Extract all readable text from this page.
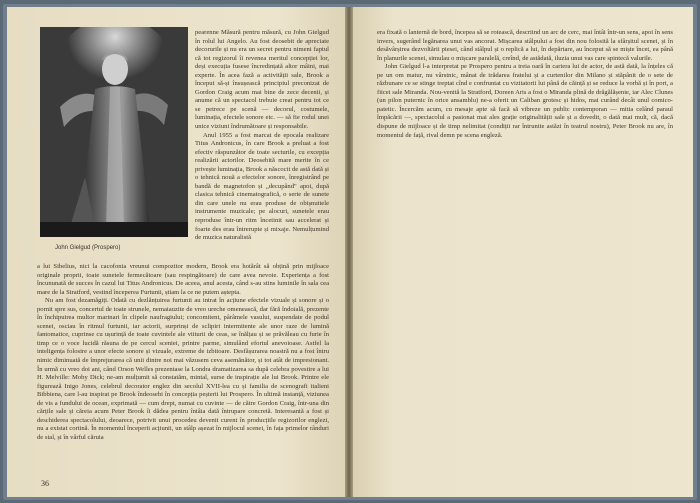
John Gielgud (Prospero)

pearenne Măsură pentru măsură, cu John Gielgud în rolul lui Angelo. Au fost deosebit de apreciate decorurile și nu era un secret pentru nimeni faptul că tot regizorul îi revenea meritul concepției lor, deși execuția fusese încredințată altor mâini, mai experte. În acea fază a activității sale, Brook a început să-și însușească principiul preconizat de Gordon Craig acum mai bine de zece decenii, și anume că un spectacol trebuie creat pentru tot ce se petrece pe scenă — decorul, costumele, luminația, efectele sonore etc. — să fie rodul unei unice viziuni îndrumătoare și responsabile.

Anul 1955 a fost marcat de epocala realizare Titus Andronicus, în care Brook a preluat a fost efectiv răspunzător de toate secturile, cu excepția realizării actorilor. Deosebită mare merite în ce privește luminația, Brook a născocit de astă dată și o tehnică nouă a efectelor sonore, înregistrând pe bandă de magnetofon și „decupând" apoi, după clasica tehnică cinematografică, o serie de sunete din care unele nu erau produse de obișnuitele instrumente muzicale; pe alocuri, sunetele erau reproduse într-un ritm încetinit sau accelerat și foarte des erau întrerupte și mixaje. Nemulțumind de muzica naturalistă

a lui Sibelius, nici la cacofonia vreunui compozitor modern, Brook era hotărât să obțină prin mijloace originale proprii, toate sunetele fermecătoare (sau respingătoare) de care avea nevoie. Experiența a fost încununată de succes în cazul lui Titus Andronicus. De aceea, anul acesta, când s-au stins luminile în sala cea mare de la Stratford, vestind începerea Furtunii, știam la ce ne putem aștepta.

Nu am fost dezamăgiți. Odată cu dezlănțuirea furtunii au intrat în acțiune efectele vizuale și sonore și o pornit spre sus, concertul de toate strunele, nemaiauzite de vreo ureche omenească, dar fără îndoială, prezente în închipuirea multor marinari în clipele naufragiului; concomitent, pârâmele vasului, suspendate de podul scenei, osciau în ritmul furtunii, iar actorii, surprinși de sclipiri intermitente ale unor raze de lumină fantomatice, cuprinse cu ușurință de toate cuvintele ale viiturii de ceas, se înălțau și se prăvăleau cu furie în timp ce o voce lucidă răsuna de pe cercul sceniei, printre parme, simulând efortul anevoioase. Astfel la inteligența folosire a unor efecte sonore și vizuale, extreme de izbitoare. Desfășurarea noastră nu a fost întru nimic diminuată de împrejurarea că unii dintre noi mai văzusem ceva asemănător, și tot atât de impresionant. În urmă cu vreo doi ani, când Orson Welles prezentase la Londra dramatizarea sa după celebra povestire a lui H. Melville: Moby Dick; ne-am mulțumit să constatăm, mintal, surse de inspirație ale lui Brook. Printre ele figurează Inigo Jones, celebrul decorator englez din secolul XVII-lea cu și familia de scenografi italieni Bibbiena, care l-au inspirat pe Brook îndeosebi în concepția peșterii lui Prospero. În ultimă instanță, viziunea de vis a fundului de ocean, exprimată — cum drept, numai cu cuvinte — de către Gordon Craig, într-una din cărțile sale și căreia acum Peter Brook îi dădea pentru întâia dată întrupare concretă. Interesantă a fost și deschiderea spectacolului, deoarece, potrivit unui procedeu devenit curent în producțiile regizorilor englezi, nu a existat cortină. În momentul începerii acțiunii, un stâlp așezat în mijlocul scenei, în fața primelor rânduri de stal, și în vârful căruia

36

era fixată o lanternă de bord, începea să se rotească, descriind un arc de cerc, mai întâi într-un sens, apoi în sens invers, sugerând legănarea unui vas ancorat. Mișcarea stâlpului a fost din nou folosită la sfârșitul scenei, și în desăvârșirea dezvoltării piesei, când stâlpul și o replică a lui, în depărtare, au început să se miște încet, ea până în planurile scenei, simulau o mișcare paralelă, creînd, de astădată, iluzia unui vas care spintecă valurile.

John Gielgud l-a interpretat pe Prospero pentru a treia oară în cariera lui de actor, de astă dată, la înțeles că pe un om matur, nu vârstnic, mânat de trădarea fratelui și a curtenilor din Milano și stăpânit de o sete de răzbunare ce se stinge treptat cînd e confruntat cu vizitatorii lui până de căință și se reduce la vorbă și în port, a fiicei sale Miranda. Nou-venită la Stratford, Doreen Aris a fost o Miranda plină de drăgălășenie, iar Alec Clunes (un pilon puternic în orice ansamblu) ne-a oferit un Caliban grotesc și hidos, mai curând decât unul comico-patetic. Încercăm acum, cu mesaje apte să facă să vibreze un public contemporan — mitia celând paraul împăcării —, spectacolul a pasionat mai ales grație originalității sale și a dovedit, o dată mai mult, că, dacă dispune de mijloace și de timp nelimitat (condiții rar întrunite astăzi în teatrul nostru), Peter Brook nu are, în momentul de față, rival demn pe scena engleză.
